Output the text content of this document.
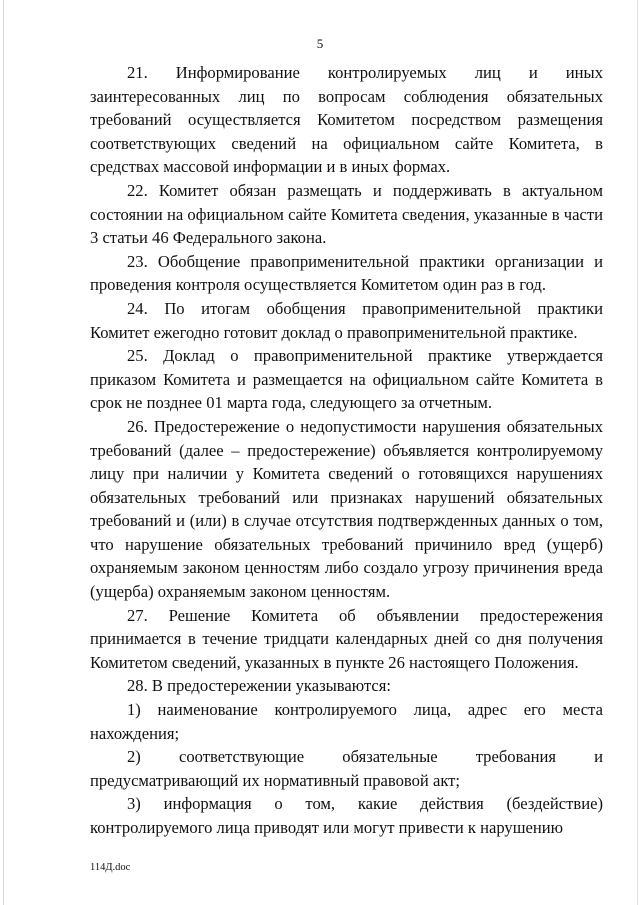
5

21. Информирование контролируемых лиц и иных заинтересованных лиц по вопросам соблюдения обязательных требований осуществляется Комитетом посредством размещения соответствующих сведений на официальном сайте Комитета, в средствах массовой информации и в иных формах.

22. Комитет обязан размещать и поддерживать в актуальном состоянии на официальном сайте Комитета сведения, указанные в части 3 статьи 46 Федерального закона.

23. Обобщение правоприменительной практики организации и проведения контроля осуществляется Комитетом один раз в год.

24. По итогам обобщения правоприменительной практики Комитет ежегодно готовит доклад о правоприменительной практике.

25. Доклад о правоприменительной практике утверждается приказом Комитета и размещается на официальном сайте Комитета в срок не позднее 01 марта года, следующего за отчетным.

26. Предостережение о недопустимости нарушения обязательных требований (далее – предостережение) объявляется контролируемому лицу при наличии у Комитета сведений о готовящихся нарушениях обязательных требований или признаках нарушений обязательных требований и (или) в случае отсутствия подтвержденных данных о том, что нарушение обязательных требований причинило вред (ущерб) охраняемым законом ценностям либо создало угрозу причинения вреда (ущерба) охраняемым законом ценностям.

27. Решение Комитета об объявлении предостережения принимается в течение тридцати календарных дней со дня получения Комитетом сведений, указанных в пункте 26 настоящего Положения.

28. В предостережении указываются:

1) наименование контролируемого лица, адрес его места нахождения;

2) соответствующие обязательные требования и предусматривающий их нормативный правовой акт;

3) информация о том, какие действия (бездействие) контролируемого лица приводят или могут привести к нарушению

114Д.doc
